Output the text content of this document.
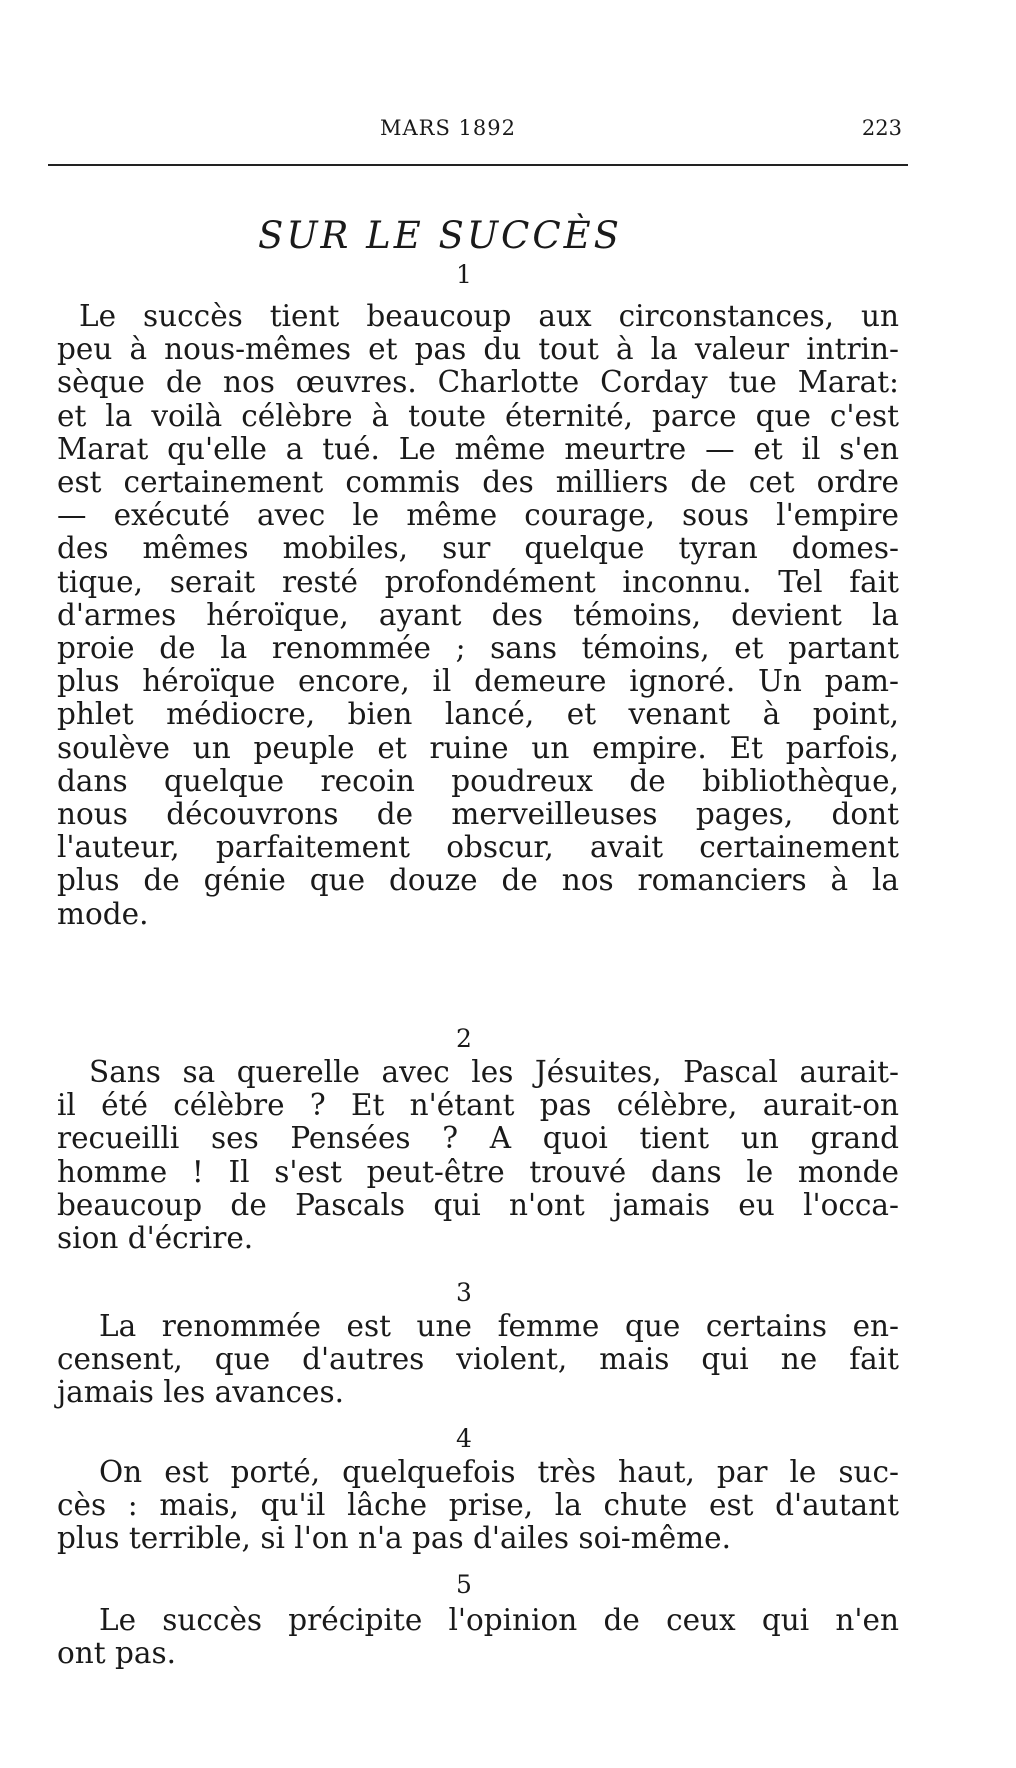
MARS 1892	223
SUR LE SUCCÈS
1
Le succès tient beaucoup aux circonstances, un
peu à nous-mêmes et pas du tout à la valeur intrin-
sèque de nos œuvres. Charlotte Corday tue Marat:
et la voilà célèbre à toute éternité, parce que c'est
Marat qu'elle a tué. Le même meurtre — et il s'en
est certainement commis des milliers de cet ordre
— exécuté avec le même courage, sous l'empire
des mêmes mobiles, sur quelque tyran domes-
tique, serait resté profondément inconnu. Tel fait
d'armes héroïque, ayant des témoins, devient la
proie de la renommée ; sans témoins, et partant
plus héroïque encore, il demeure ignoré. Un pam-
phlet médiocre, bien lancé, et venant à point,
soulève un peuple et ruine un empire. Et parfois,
dans quelque recoin poudreux de bibliothèque,
nous découvrons de merveilleuses pages, dont
l'auteur, parfaitement obscur, avait certainement
plus de génie que douze de nos romanciers à la
mode.
2
Sans sa querelle avec les Jésuites, Pascal aurait-
il été célèbre ? Et n'étant pas célèbre, aurait-on
recueilli ses Pensées ? A quoi tient un grand
homme ! Il s'est peut-être trouvé dans le monde
beaucoup de Pascals qui n'ont jamais eu l'occa-
sion d'écrire.
3
La renommée est une femme que certains en-
censent, que d'autres violent, mais qui ne fait
jamais les avances.
4
On est porté, quelquefois très haut, par le suc-
cès : mais, qu'il lâche prise, la chute est d'autant
plus terrible, si l'on n'a pas d'ailes soi-même.
5
Le succès précipite l'opinion de ceux qui n'en
ont pas.
